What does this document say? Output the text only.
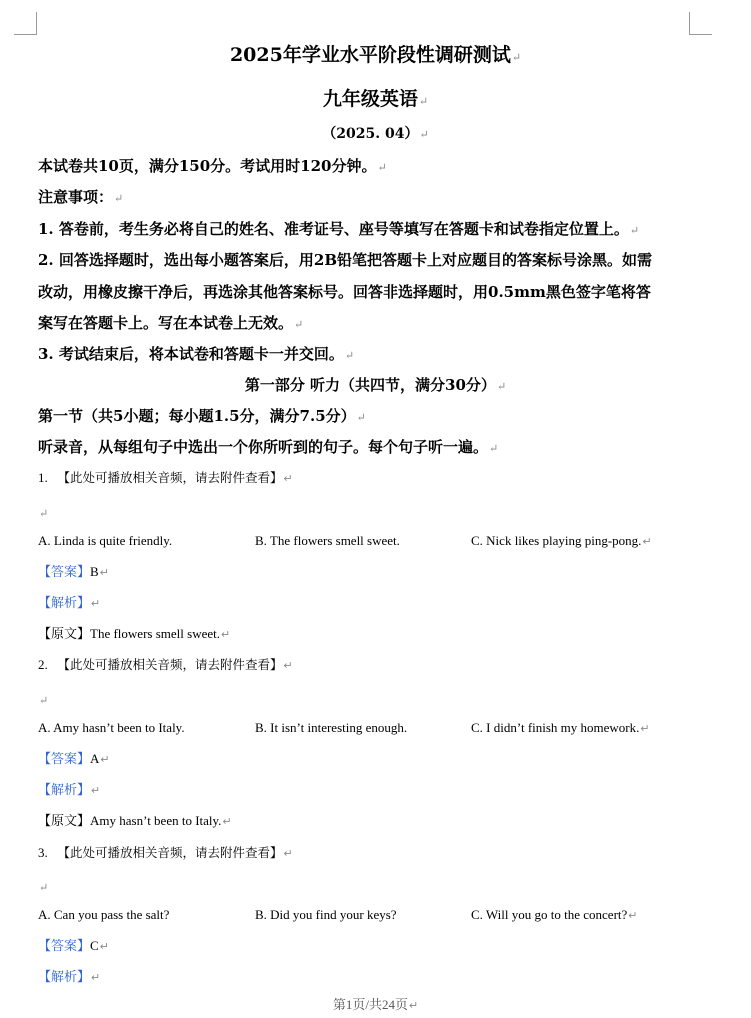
2025年学业水平阶段性调研测试↵
九年级英语↵
（2025. 04）↵
本试卷共10页，满分150分。考试用时120分钟。↵
注意事项：↵
1. 答卷前，考生务必将自己的姓名、准考证号、座号等填写在答题卡和试卷指定位置上。↵
2. 回答选择题时，选出每小题答案后，用2B铅笔把答题卡上对应题目的答案标号涂黑。如需
改动，用橡皮擦干净后，再选涂其他答案标号。回答非选择题时，用0.5mm黑色签字笔将答
案写在答题卡上。写在本试卷上无效。↵
3. 考试结束后，将本试卷和答题卡一并交回。↵
第一部分 听力（共四节，满分30分）↵
第一节（共5小题；每小题1.5分，满分7.5分）↵
听录音，从每组句子中选出一个你所听到的句子。每个句子听一遍。↵
1. 【此处可播放相关音频，请去附件查看】↵
↵
A. Linda is quite friendly.	B. The flowers smell sweet.	C. Nick likes playing ping-pong.↵
【答案】B↵
【解析】↵
【原文】The flowers smell sweet.↵
2. 【此处可播放相关音频，请去附件查看】↵
↵
A. Amy hasn’t been to Italy.	B. It isn’t interesting enough.	C. I didn’t finish my homework.↵
【答案】A↵
【解析】↵
【原文】Amy hasn’t been to Italy.↵
3. 【此处可播放相关音频，请去附件查看】↵
↵
A. Can you pass the salt?	B. Did you find your keys?	C. Will you go to the concert?↵
【答案】C↵
【解析】↵
第1页/共24页↵
